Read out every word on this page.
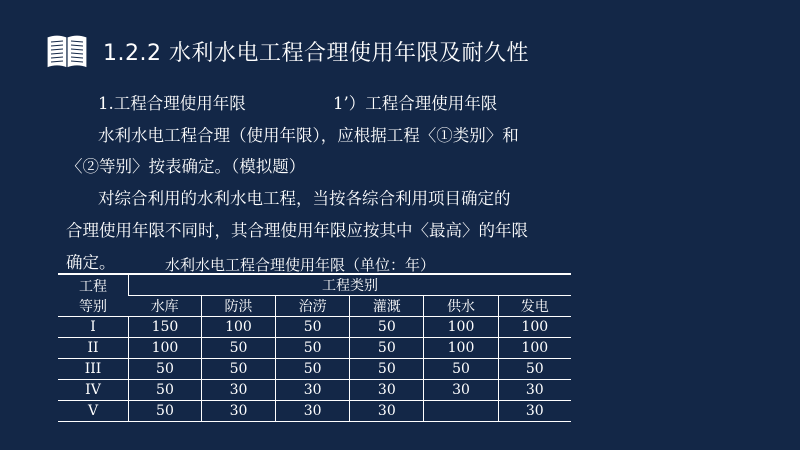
1.2.2 水利水电工程合理使用年限及耐久性
1.工程合理使用年限	1’）工程合理使用年限
水利水电工程合理（使用年限），应根据工程〈①类别〉和
〈②等别〉按表确定。（模拟题）
对综合利用的水利水电工程，当按各综合利用项目确定的
合理使用年限不同时，其合理使用年限应按其中〈最高〉的年限
确定。	水利水电工程合理使用年限（单位：年）
工程
等别	工程类别					
	水库	防洪	治涝	灌溉	供水	发电
I	150	100	50	50	100	100
II	100	50	50	50	100	100
III	50	50	50	50	50	50
IV	50	30	30	30	30	30
V	50	30	30	30		30
